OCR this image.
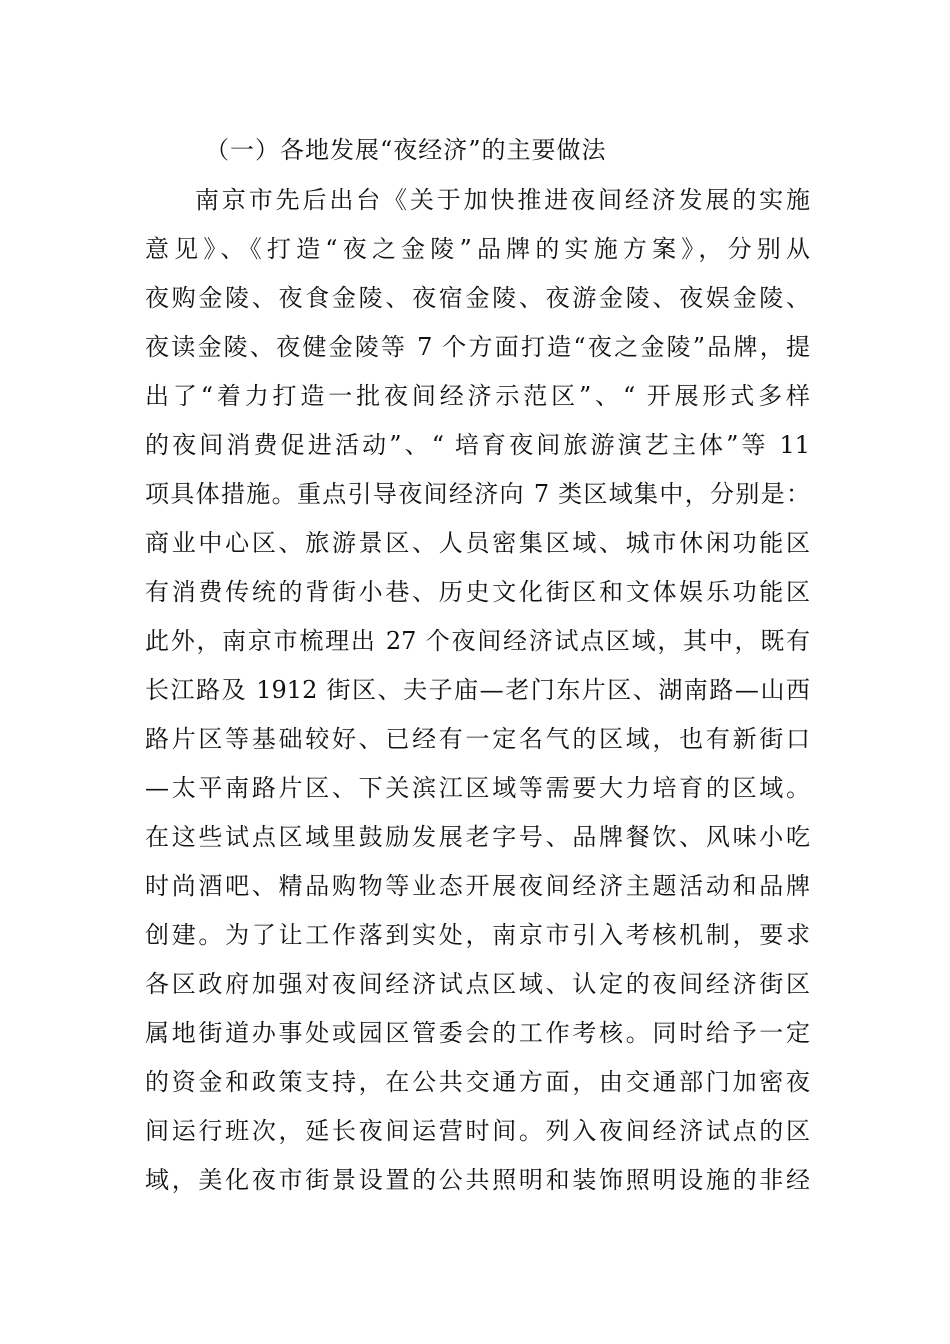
（一）各地发展“夜经济”的主要做法
南京市先后出台《关于加快推进夜间经济发展的实施
意见》、《打造“夜之金陵”品牌的实施方案》，分别从
夜购金陵、夜食金陵、夜宿金陵、夜游金陵、夜娱金陵、
夜读金陵、夜健金陵等 7 个方面打造“夜之金陵”品牌，提
出了“着力打造一批夜间经济示范区”、“ 开展形式多样
的夜间消费促进活动”、“ 培育夜间旅游演艺主体”等 11
项具体措施。重点引导夜间经济向 7 类区域集中，分别是：
商业中心区、旅游景区、人员密集区域、城市休闲功能区
有消费传统的背街小巷、历史文化街区和文体娱乐功能区
此外，南京市梳理出 27 个夜间经济试点区域，其中，既有
长江路及 1912 街区、夫子庙—老门东片区、湖南路—山西
路片区等基础较好、已经有一定名气的区域，也有新街口
—太平南路片区、下关滨江区域等需要大力培育的区域。
在这些试点区域里鼓励发展老字号、品牌餐饮、风味小吃
时尚酒吧、精品购物等业态开展夜间经济主题活动和品牌
创建。为了让工作落到实处，南京市引入考核机制，要求
各区政府加强对夜间经济试点区域、认定的夜间经济街区
属地街道办事处或园区管委会的工作考核。同时给予一定
的资金和政策支持，在公共交通方面，由交通部门加密夜
间运行班次，延长夜间运营时间。列入夜间经济试点的区
域，美化夜市街景设置的公共照明和装饰照明设施的非经
